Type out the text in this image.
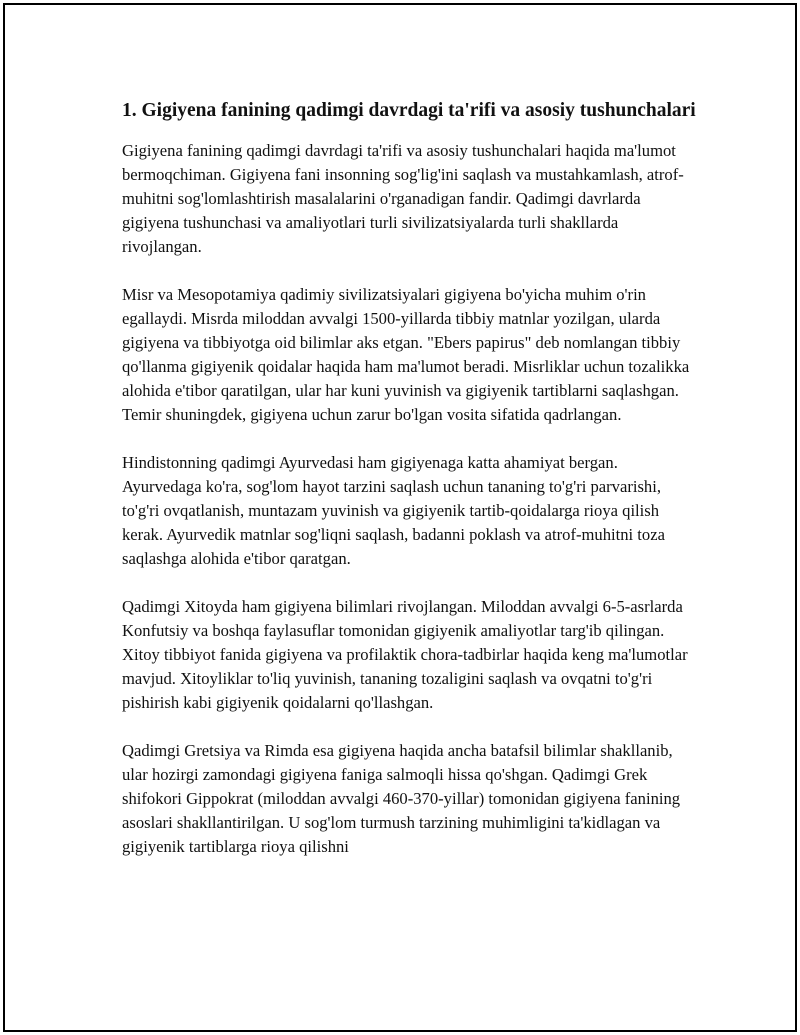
1. Gigiyena fanining qadimgi davrdagi ta'rifi va asosiy tushunchalari

Gigiyena fanining qadimgi davrdagi ta'rifi va asosiy tushunchalari haqida ma'lumot bermoqchiman. Gigiyena fani insonning sog'lig'ini saqlash va mustahkamlash, atrof-muhitni sog'lomlashtirish masalalarini o'rganadigan fandir. Qadimgi davrlarda gigiyena tushunchasi va amaliyotlari turli sivilizatsiyalarda turli shakllarda rivojlangan.

Misr va Mesopotamiya qadimiy sivilizatsiyalari gigiyena bo'yicha muhim o'rin egallaydi. Misrda miloddan avvalgi 1500-yillarda tibbiy matnlar yozilgan, ularda gigiyena va tibbiyotga oid bilimlar aks etgan. "Ebers papirus" deb nomlangan tibbiy qo'llanma gigiyenik qoidalar haqida ham ma'lumot beradi. Misrliklar uchun tozalikka alohida e'tibor qaratilgan, ular har kuni yuvinish va gigiyenik tartiblarni saqlashgan. Temir shuningdek, gigiyena uchun zarur bo'lgan vosita sifatida qadrlangan.

Hindistonning qadimgi Ayurvedasi ham gigiyenaga katta ahamiyat bergan. Ayurvedaga ko'ra, sog'lom hayot tarzini saqlash uchun tananing to'g'ri parvarishi, to'g'ri ovqatlanish, muntazam yuvinish va gigiyenik tartib-qoidalarga rioya qilish kerak. Ayurvedik matnlar sog'liqni saqlash, badanni poklash va atrof-muhitni toza saqlashga alohida e'tibor qaratgan.

Qadimgi Xitoyda ham gigiyena bilimlari rivojlangan. Miloddan avvalgi 6-5-asrlarda Konfutsiy va boshqa faylasuflar tomonidan gigiyenik amaliyotlar targ'ib qilingan. Xitoy tibbiyot fanida gigiyena va profilaktik chora-tadbirlar haqida keng ma'lumotlar mavjud. Xitoyliklar to'liq yuvinish, tananing tozaligini saqlash va ovqatni to'g'ri pishirish kabi gigiyenik qoidalarni qo'llashgan.

Qadimgi Gretsiya va Rimda esa gigiyena haqida ancha batafsil bilimlar shakllanib, ular hozirgi zamondagi gigiyena faniga salmoqli hissa qo'shgan. Qadimgi Grek shifokori Gippokrat (miloddan avvalgi 460-370-yillar) tomonidan gigiyena fanining asoslari shakllantirilgan. U sog'lom turmush tarzining muhimligini ta'kidlagan va gigiyenik tartiblarga rioya qilishni
